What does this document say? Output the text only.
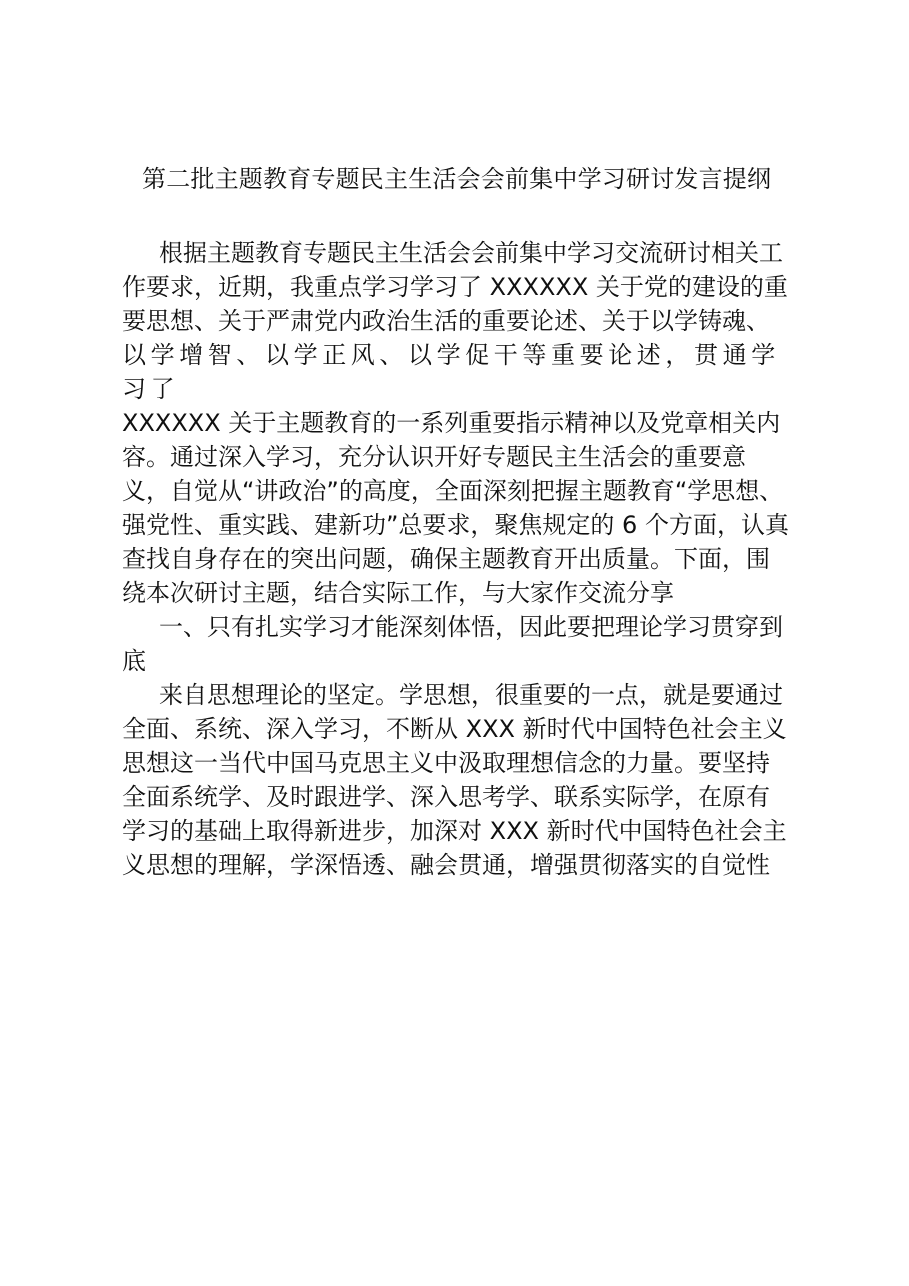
第二批主题教育专题民主生活会会前集中学习研讨发言提纲
根据主题教育专题民主生活会会前集中学习交流研讨相关工
作要求，近期，我重点学习学习了 XXXXXX 关于党的建设的重
要思想、关于严肃党内政治生活的重要论述、关于以学铸魂、
以学增智、以学正风、以学促干等重要论述，贯通学习了
XXXXXX 关于主题教育的一系列重要指示精神以及党章相关内
容。通过深入学习，充分认识开好专题民主生活会的重要意
义，自觉从“讲政治”的高度，全面深刻把握主题教育“学思想、
强党性、重实践、建新功”总要求，聚焦规定的 6 个方面，认真
查找自身存在的突出问题，确保主题教育开出质量。下面，围
绕本次研讨主题，结合实际工作，与大家作交流分享
一、只有扎实学习才能深刻体悟，因此要把理论学习贯穿到
底
来自思想理论的坚定。学思想，很重要的一点，就是要通过
全面、系统、深入学习，不断从 XXX 新时代中国特色社会主义
思想这一当代中国马克思主义中汲取理想信念的力量。要坚持
全面系统学、及时跟进学、深入思考学、联系实际学，在原有
学习的基础上取得新进步，加深对 XXX 新时代中国特色社会主
义思想的理解，学深悟透、融会贯通，增强贯彻落实的自觉性
